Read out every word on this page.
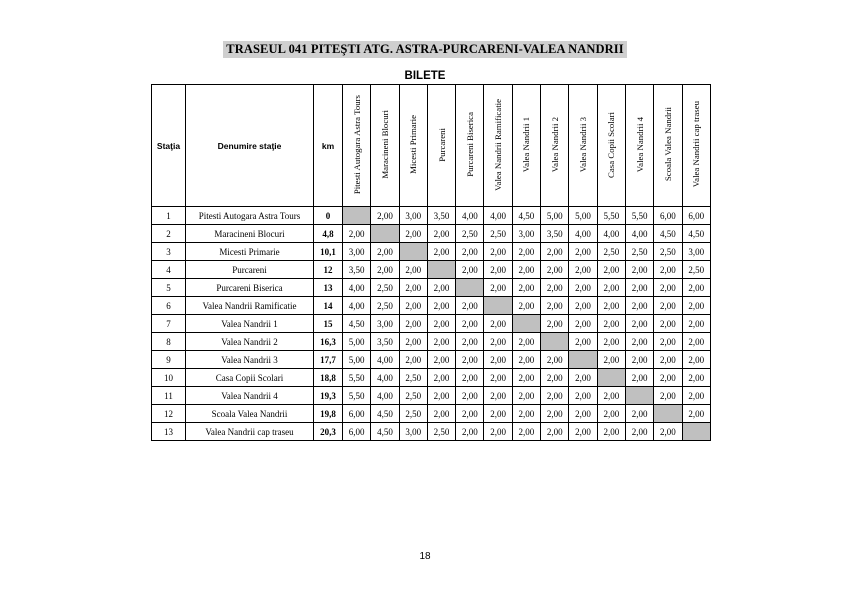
TRASEUL 041 PITEŞTI ATG. ASTRA-PURCARENI-VALEA NANDRII
BILETE
Staţia	Denumire staţie	km	Pitesti Autogara Astra Tours	Maracineni Blocuri	Micesti Primarie	Purcareni	Purcareni Biserica	Valea Nandrii Ramificatie	Valea Nandrii 1	Valea Nandrii 2	Valea Nandrii 3	Casa Copii Scolari	Valea Nandrii 4	Scoala Valea Nandrii	Valea Nandrii cap traseu
1	Pitesti Autogara Astra Tours	0		2,00	3,00	3,50	4,00	4,00	4,50	5,00	5,00	5,50	5,50	6,00	6,00
2	Maracineni Blocuri	4,8	2,00		2,00	2,00	2,50	2,50	3,00	3,50	4,00	4,00	4,00	4,50	4,50
3	Micesti Primarie	10,1	3,00	2,00		2,00	2,00	2,00	2,00	2,00	2,00	2,50	2,50	2,50	3,00
4	Purcareni	12	3,50	2,00	2,00		2,00	2,00	2,00	2,00	2,00	2,00	2,00	2,00	2,50
5	Purcareni Biserica	13	4,00	2,50	2,00	2,00		2,00	2,00	2,00	2,00	2,00	2,00	2,00	2,00
6	Valea Nandrii Ramificatie	14	4,00	2,50	2,00	2,00	2,00		2,00	2,00	2,00	2,00	2,00	2,00	2,00
7	Valea Nandrii 1	15	4,50	3,00	2,00	2,00	2,00	2,00		2,00	2,00	2,00	2,00	2,00	2,00
8	Valea Nandrii 2	16,3	5,00	3,50	2,00	2,00	2,00	2,00	2,00		2,00	2,00	2,00	2,00	2,00
9	Valea Nandrii 3	17,7	5,00	4,00	2,00	2,00	2,00	2,00	2,00	2,00		2,00	2,00	2,00	2,00
10	Casa Copii Scolari	18,8	5,50	4,00	2,50	2,00	2,00	2,00	2,00	2,00	2,00		2,00	2,00	2,00
11	Valea Nandrii 4	19,3	5,50	4,00	2,50	2,00	2,00	2,00	2,00	2,00	2,00	2,00		2,00	2,00
12	Scoala Valea Nandrii	19,8	6,00	4,50	2,50	2,00	2,00	2,00	2,00	2,00	2,00	2,00	2,00		2,00
13	Valea Nandrii cap traseu	20,3	6,00	4,50	3,00	2,50	2,00	2,00	2,00	2,00	2,00	2,00	2,00	2,00	
18
